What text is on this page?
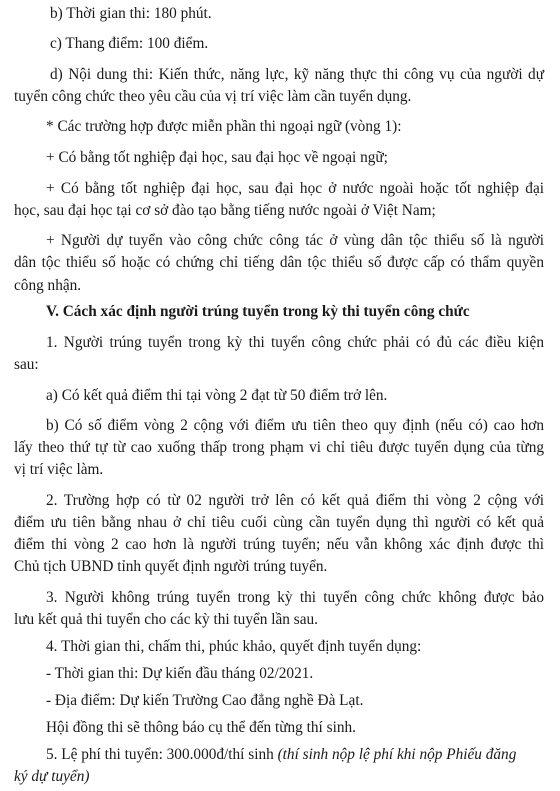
b) Thời gian thi: 180 phút.
c) Thang điểm: 100 điểm.
d) Nội dung thi: Kiến thức, năng lực, kỹ năng thực thi công vụ của người dự
tuyển công chức theo yêu cầu của vị trí việc làm cần tuyển dụng.
* Các trường hợp được miễn phần thi ngoại ngữ (vòng 1):
+ Có bằng tốt nghiệp đại học, sau đại học về ngoại ngữ;
+ Có bằng tốt nghiệp đại học, sau đại học ở nước ngoài hoặc tốt nghiệp đại
học, sau đại học tại cơ sở đào tạo bằng tiếng nước ngoài ở Việt Nam;
+ Người dự tuyển vào công chức công tác ở vùng dân tộc thiểu số là người
dân tộc thiểu số hoặc có chứng chỉ tiếng dân tộc thiểu số được cấp có thẩm quyền
công nhận.
V. Cách xác định người trúng tuyển trong kỳ thi tuyển công chức
1. Người trúng tuyển trong kỳ thi tuyển công chức phải có đủ các điều kiện
sau:
a) Có kết quả điểm thi tại vòng 2 đạt từ 50 điểm trở lên.
b) Có số điểm vòng 2 cộng với điểm ưu tiên theo quy định (nếu có) cao hơn
lấy theo thứ tự từ cao xuống thấp trong phạm vi chỉ tiêu được tuyển dụng của từng
vị trí việc làm.
2. Trường hợp có từ 02 người trở lên có kết quả điểm thi vòng 2 cộng với
điểm ưu tiên bằng nhau ở chỉ tiêu cuối cùng cần tuyển dụng thì người có kết quả
điểm thi vòng 2 cao hơn là người trúng tuyển; nếu vẫn không xác định được thì
Chủ tịch UBND tỉnh quyết định người trúng tuyển.
3. Người không trúng tuyển trong kỳ thi tuyển công chức không được bảo
lưu kết quả thi tuyển cho các kỳ thi tuyển lần sau.
4. Thời gian thi, chấm thi, phúc khảo, quyết định tuyển dụng:
- Thời gian thi: Dự kiến đầu tháng 02/2021.
- Địa điểm: Dự kiến Trường Cao đẳng nghề Đà Lạt.
Hội đồng thi sẽ thông báo cụ thể đến từng thí sinh.
5. Lệ phí thi tuyển: 300.000đ/thí sinh (thí sinh nộp lệ phí khi nộp Phiếu đăng
ký dự tuyển)
